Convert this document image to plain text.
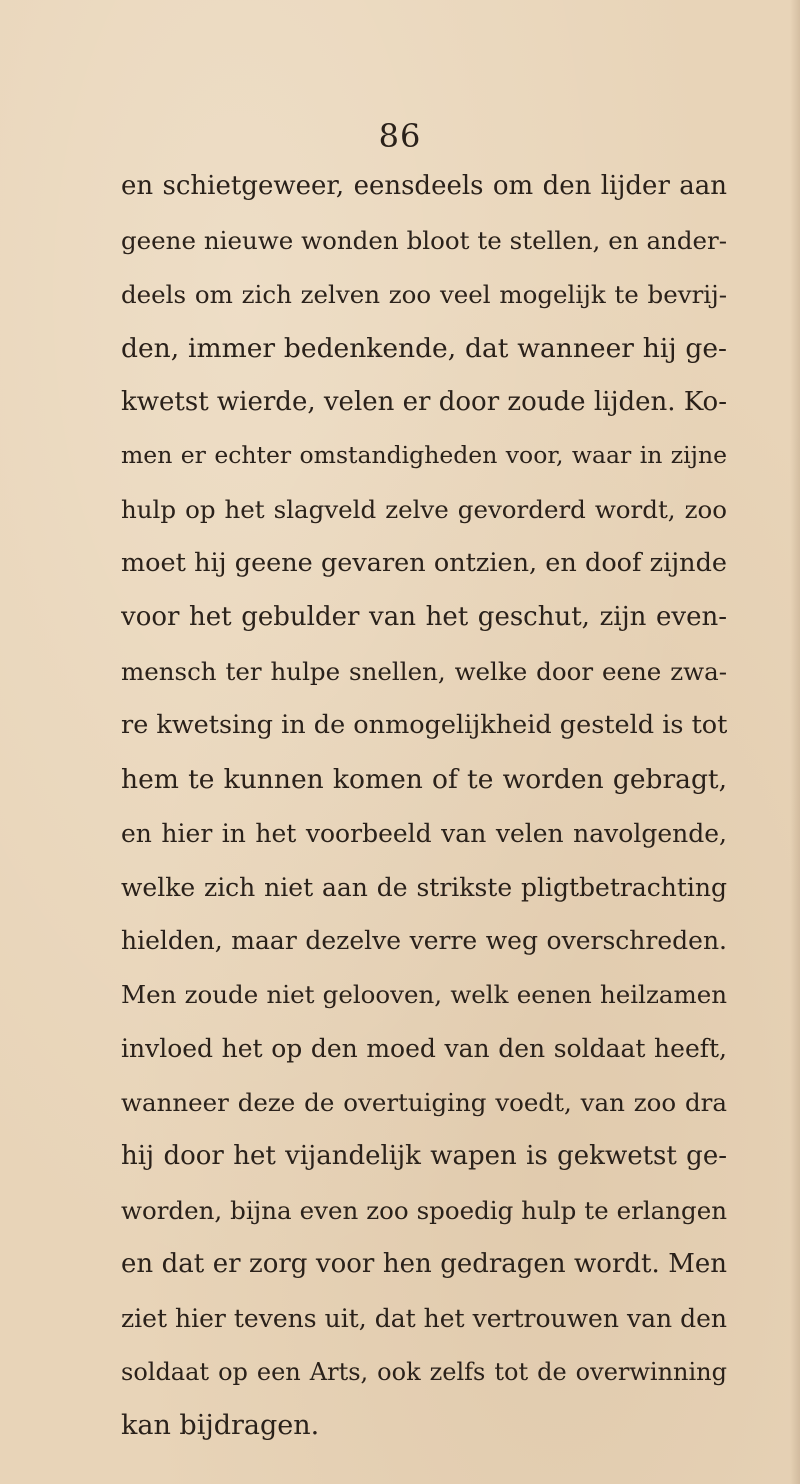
86
en schietgeweer, eensdeels om den lijder aan
geene nieuwe wonden bloot te stellen, en ander-
deels om zich zelven zoo veel mogelijk te bevrij-
den, immer bedenkende, dat wanneer hij ge-
kwetst wierde, velen er door zoude lijden. Ko-
men er echter omstandigheden voor, waar in zijne
hulp op het slagveld zelve gevorderd wordt, zoo
moet hij geene gevaren ontzien, en doof zijnde
voor het gebulder van het geschut, zijn even-
mensch ter hulpe snellen, welke door eene zwa-
re kwetsing in de onmogelijkheid gesteld is tot
hem te kunnen komen of te worden gebragt,
en hier in het voorbeeld van velen navolgende,
welke zich niet aan de strikste pligtbetrachting
hielden, maar dezelve verre weg overschreden.
Men zoude niet gelooven, welk eenen heilzamen
invloed het op den moed van den soldaat heeft,
wanneer deze de overtuiging voedt, van zoo dra
hij door het vijandelijk wapen is gekwetst ge-
worden, bijna even zoo spoedig hulp te erlangen
en dat er zorg voor hen gedragen wordt. Men
ziet hier tevens uit, dat het vertrouwen van den
soldaat op een Arts, ook zelfs tot de overwinning
kan bijdragen.
